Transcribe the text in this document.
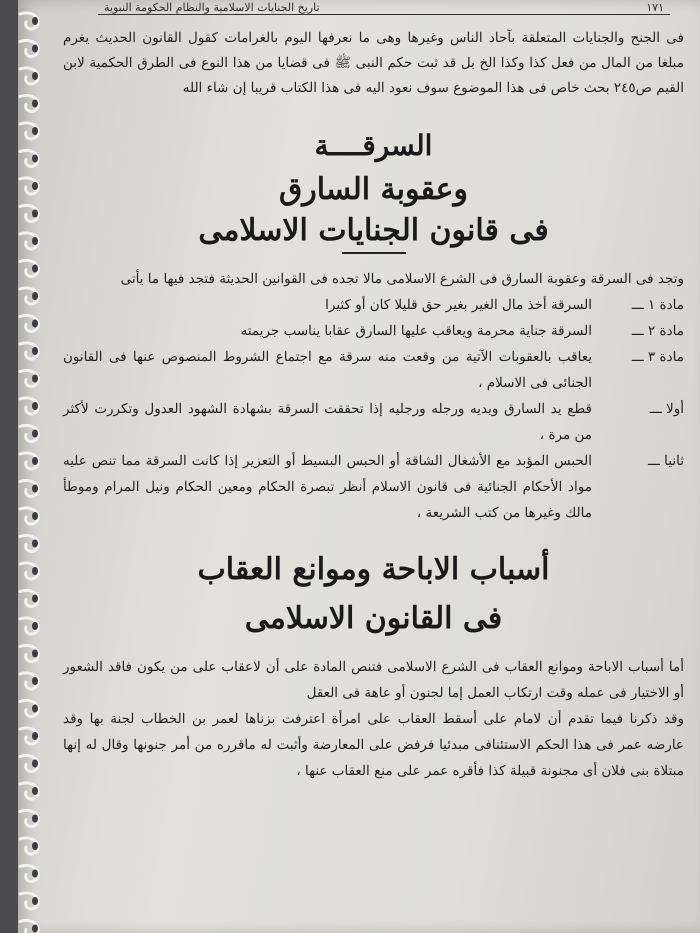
١٧١
تاريخ الجنايات الاسلامية والنظام الحكومة النبوية

فى الجنح والجنايات المتعلقة بآحاد الناس وغيرها وهى ما نعرفها اليوم بالغرامات كقول القانون الحديث يغرم مبلغا من المال من فعل كذا وكذا الخ بل قد ثبت حكم النبى ﷺ فى قضايا من هذا النوع فى الطرق الحكمية لابن القيم ص٢٤٥ بحث خاص فى هذا الموضوع سوف نعود اليه فى هذا الكتاب قريبا إن شاء الله

السرقــــة
وعقوبة السارق
فى قانون الجنايات الاسلامى

وتجد فى السرقة وعقوبة السارق فى الشرع الاسلامى مالا تجده فى القوانين الحديثة فتجد فيها ما يأتى

مادة ١ ـــ
السرقة أخذ مال الغير بغير حق قليلا كان أو كثيرا
مادة ٢ ـــ
السرقة جناية محرمة ويعاقب عليها السارق عقابا يناسب جريمته
مادة ٣ ـــ
يعاقب بالعقوبات الآتية من وقعت منه سرقة مع اجتماع الشروط المنصوص عنها فى القانون الجنائى فى الاسلام ،
أولا ـــ
قطع يد السارق ويديه ورجله ورجليه إذا تحققت السرقة بشهادة الشهود العدول وتكررت لأكثر من مرة ،
ثانيا ـــ
الحبس المؤبد مع الأشغال الشاقة أو الحبس البسيط أو التعزير إذا كانت السرقة مما تنص عليه مواد الأحكام الجنائية فى قانون الاسلام أنظر تبصرة الحكام ومعين الحكام ونيل المرام وموطأ مالك وغيرها من كتب الشريعة ،
أسباب الاباحة وموانع العقاب
فى القانون الاسلامى

أما أسباب الاباحة وموانع العقاب فى الشرع الاسلامى فتنص المادة على أن لاعقاب على من يكون فاقد الشعور أو الاختيار فى عمله وقت ارتكاب العمل إما لجنون أو عاهة فى العقل

وقد ذكرنا فيما تقدم أن لامام على أسقط العقاب على امرأة اعترفت بزناها لعمر بن الخطاب لجنة بها وقد عارضه عمر فى هذا الحكم الاستئنافى مبدئيا فرفض على المعارضة وأثبت له ماقرره من أمر جنونها وقال له إنها مبتلاة بنى فلان أى مجنونة قبيلة كذا فأقره عمر على منع العقاب عنها ،
